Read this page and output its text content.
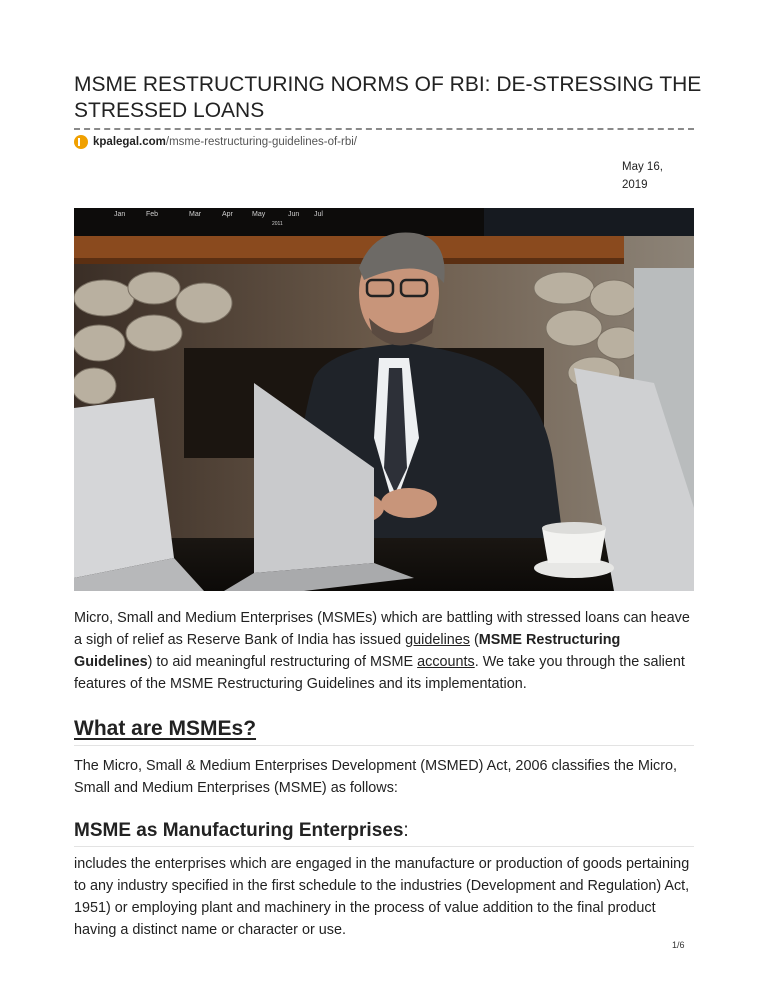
MSME RESTRUCTURING NORMS OF RBI: DE-STRESSING THE STRESSED LOANS
kpalegal.com /msme-restructuring-guidelines-of-rbi/
May 16,
2019
Jan	Feb	Mar	Apr	May	Jun Jul
2011

Micro, Small and Medium Enterprises (MSMEs) which are battling with stressed loans can heave a sigh of relief as Reserve Bank of India has issued guidelines (MSME Restructuring Guidelines) to aid meaningful restructuring of MSME accounts. We take you through the salient features of the MSME Restructuring Guidelines and its implementation.

What are MSMEs?

The Micro, Small & Medium Enterprises Development (MSMED) Act, 2006 classifies the Micro, Small and Medium Enterprises (MSME) as follows:

MSME as Manufacturing Enterprises:

includes the enterprises which are engaged in the manufacture or production of goods pertaining to any industry specified in the first schedule to the industries (Development and Regulation) Act, 1951) or employing plant and machinery in the process of value addition to the final product having a distinct name or character or use.

1/6
